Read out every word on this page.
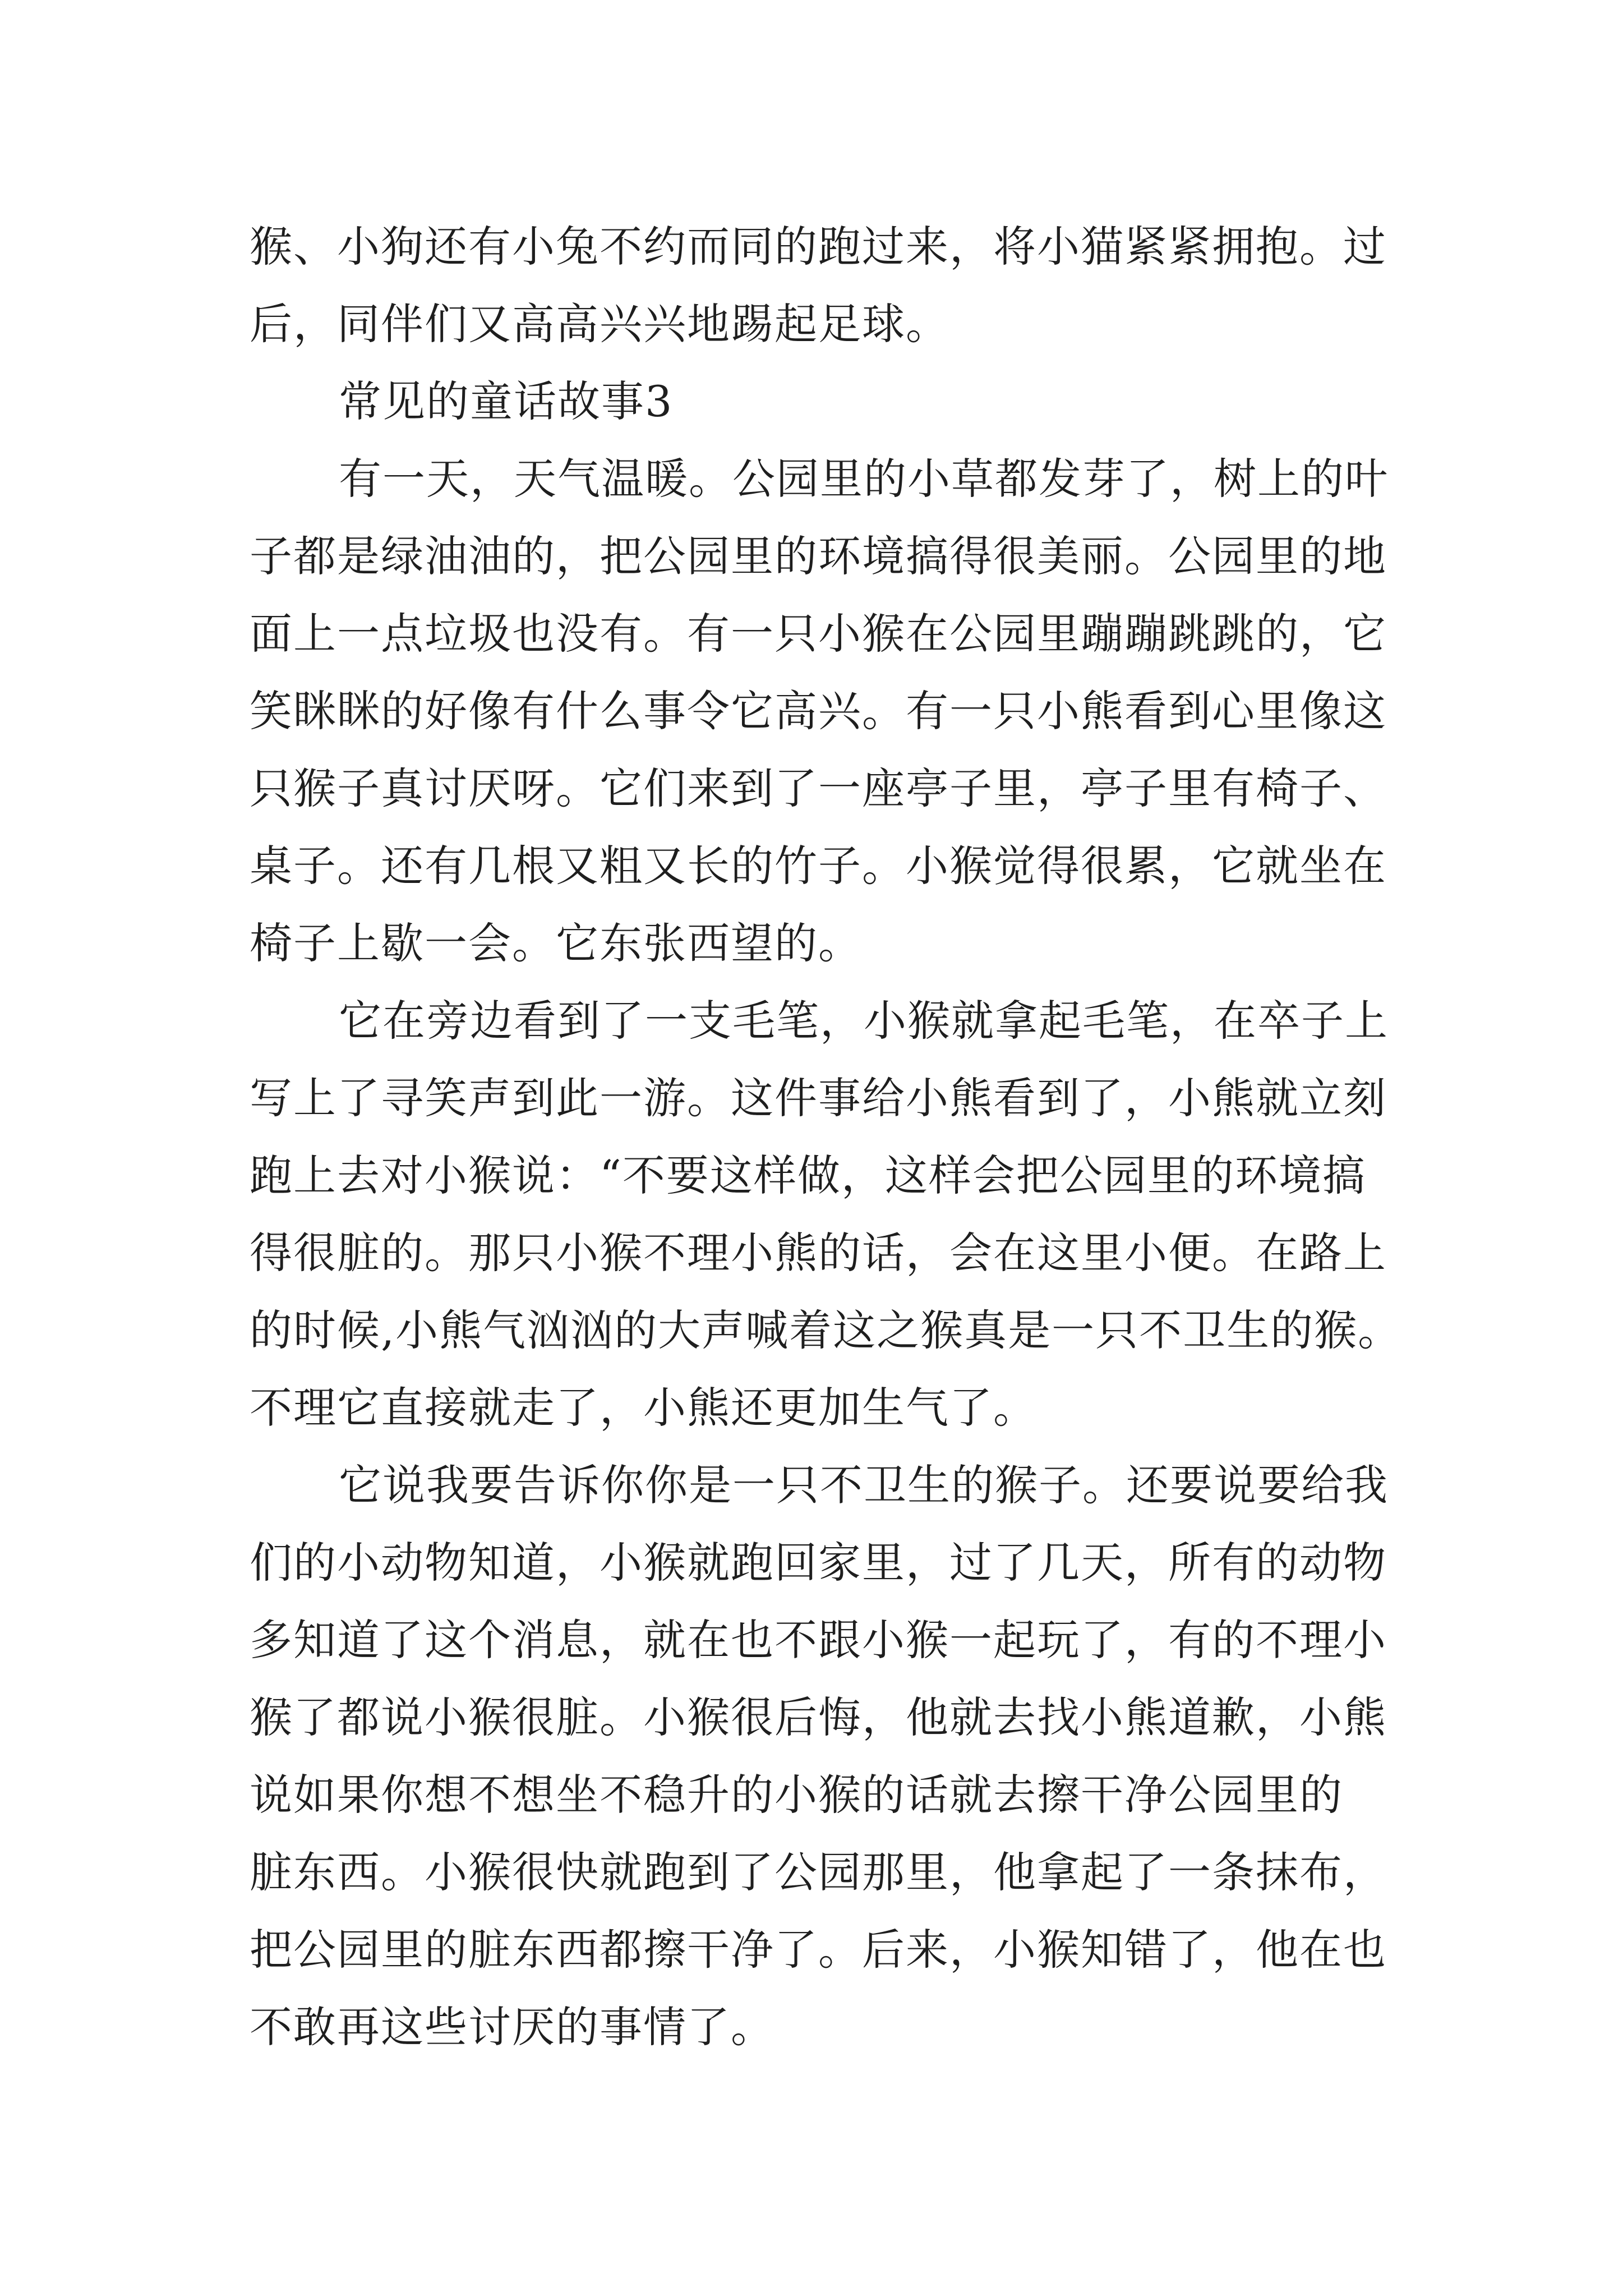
猴、小狗还有小兔不约而同的跑过来，将小猫紧紧拥抱。过
后，同伴们又高高兴兴地踢起足球。
常见的童话故事3
有一天，天气温暖。公园里的小草都发芽了，树上的叶
子都是绿油油的，把公园里的环境搞得很美丽。公园里的地
面上一点垃圾也没有。有一只小猴在公园里蹦蹦跳跳的，它
笑眯眯的好像有什么事令它高兴。有一只小熊看到心里像这
只猴子真讨厌呀。它们来到了一座亭子里，亭子里有椅子、
桌子。还有几根又粗又长的竹子。小猴觉得很累，它就坐在
椅子上歇一会。它东张西望的。
它在旁边看到了一支毛笔，小猴就拿起毛笔，在卒子上
写上了寻笑声到此一游。这件事给小熊看到了，小熊就立刻
跑上去对小猴说：“不要这样做，这样会把公园里的环境搞
得很脏的。那只小猴不理小熊的话，会在这里小便。在路上
的时候,小熊气汹汹的大声喊着这之猴真是一只不卫生的猴。
不理它直接就走了，小熊还更加生气了。
它说我要告诉你你是一只不卫生的猴子。还要说要给我
们的小动物知道，小猴就跑回家里，过了几天，所有的动物
多知道了这个消息，就在也不跟小猴一起玩了，有的不理小
猴了都说小猴很脏。小猴很后悔，他就去找小熊道歉，小熊
说如果你想不想坐不稳升的小猴的话就去擦干净公园里的
脏东西。小猴很快就跑到了公园那里，他拿起了一条抹布，
把公园里的脏东西都擦干净了。后来，小猴知错了，他在也
不敢再这些讨厌的事情了。
